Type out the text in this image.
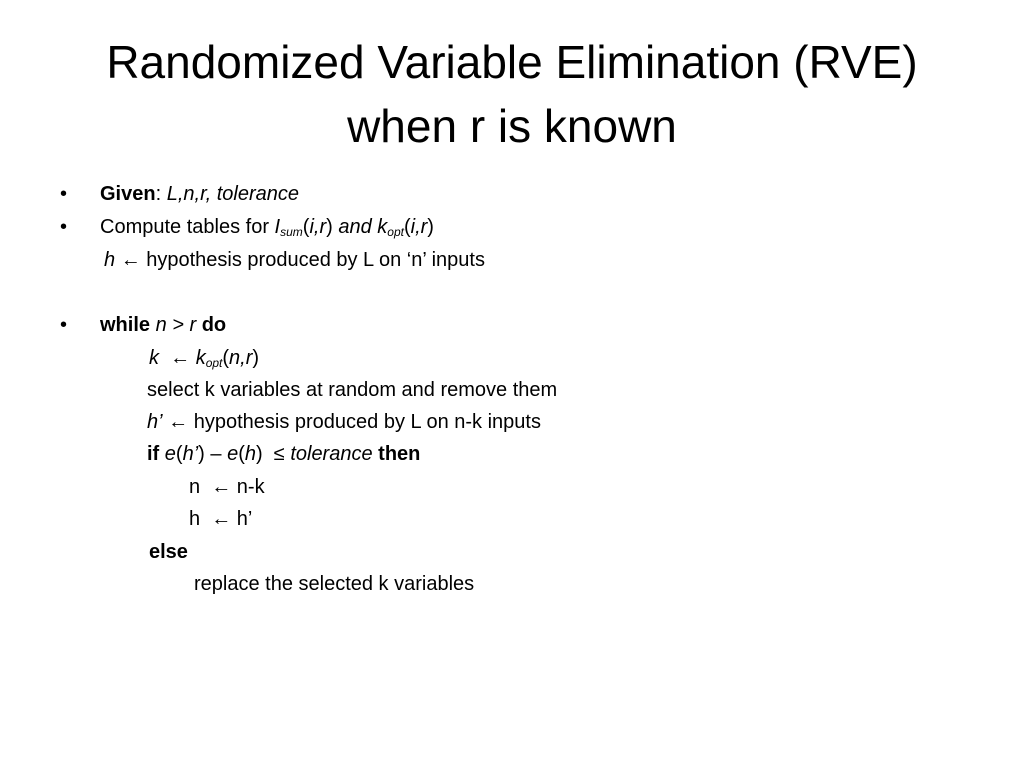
Randomized Variable Elimination (RVE)
when r is known
• Given: L,n,r, tolerance
• Compute tables for $I_{sum}(i,r)$ and $k_{opt}(i,r)$
h ← hypothesis produced by L on ‘n’ inputs
• while n > r do
k ← $k_{opt}(n,r)$
select k variables at random and remove them
h’ ← hypothesis produced by L on n-k inputs
if e(h’) – e(h)  ≤ tolerance then
n  ← n-k
h  ← h’
else
replace the selected k variables
